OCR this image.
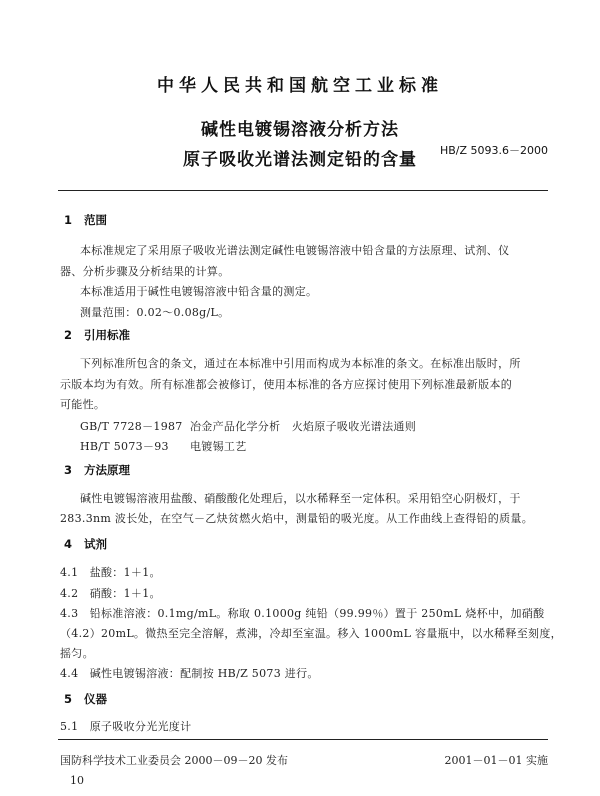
中华人民共和国航空工业标准
碱性电镀锡溶液分析方法
原子吸收光谱法测定铅的含量	HB/Z 5093.6－2000
1 范围
本标准规定了采用原子吸收光谱法测定碱性电镀锡溶液中铅含量的方法原理、试剂、仪
器、分析步骤及分析结果的计算。
本标准适用于碱性电镀锡溶液中铅含量的测定。
测量范围：0.02～0.08g/L。
2 引用标准
下列标准所包含的条文，通过在本标准中引用而构成为本标准的条文。在标准出版时，所
示版本均为有效。所有标准都会被修订，使用本标准的各方应探讨使用下列标准最新版本的
可能性。
GB/T 7728－1987 冶金产品化学分析　火焰原子吸收光谱法通则
HB/T 5073－93 电镀锡工艺
3 方法原理
碱性电镀锡溶液用盐酸、硝酸酸化处理后，以水稀释至一定体积。采用铅空心阴极灯，于
283.3nm 波长处，在空气－乙炔贫燃火焰中，测量铅的吸光度。从工作曲线上查得铅的质量。
4 试剂
4.1　盐酸：1＋1。
4.2　硝酸：1＋1。
4.3　铅标准溶液：0.1mg/mL。称取 0.1000g 纯铅（99.99％）置于 250mL 烧杯中，加硝酸
（4.2）20mL。微热至完全溶解，煮沸，冷却至室温。移入 1000mL 容量瓶中，以水稀释至刻度，
摇匀。
4.4　碱性电镀锡溶液：配制按 HB/Z 5073 进行。
5 仪器
5.1　原子吸收分光光度计
国防科学技术工业委员会 2000－09－20 发布	2001－01－01 实施
10
